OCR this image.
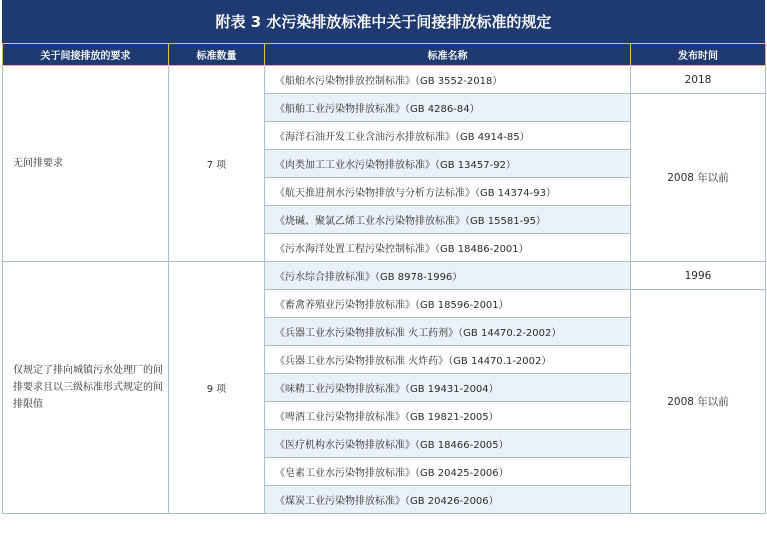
附表 3 水污染排放标准中关于间接排放标准的规定
关于间接排放的要求	标准数量	标准名称	发布时间
无间排要求	7 项	《船舶水污染物排放控制标准》（GB 3552-2018）	2018
		《船舶工业污染物排放标准》（GB 4286-84）	2008 年以前
		《海洋石油开发工业含油污水排放标准》（GB 4914-85）	
		《肉类加工工业水污染物排放标准》（GB 13457-92）	
		《航天推进剂水污染物排放与分析方法标准》（GB 14374-93）	
		《烧碱、聚氯乙烯工业水污染物排放标准》（GB 15581-95）	
		《污水海洋处置工程污染控制标准》（GB 18486-2001）	
仅规定了排向城镇污水处理厂的间排要求且以三级标准形式规定的间排限值	9 项	《污水综合排放标准》（GB 8978-1996）	1996
		《畜禽养殖业污染物排放标准》（GB 18596-2001）	2008 年以前
		《兵器工业水污染物排放标准 火工药剂》（GB 14470.2-2002）	
		《兵器工业水污染物排放标准 火炸药》（GB 14470.1-2002）	
		《味精工业污染物排放标准》（GB 19431-2004）	
		《啤酒工业污染物排放标准》（GB 19821-2005）	
		《医疗机构水污染物排放标准》（GB 18466-2005）	
		《皂素工业水污染物排放标准》（GB 20425-2006）	
		《煤炭工业污染物排放标准》（GB 20426-2006）	
